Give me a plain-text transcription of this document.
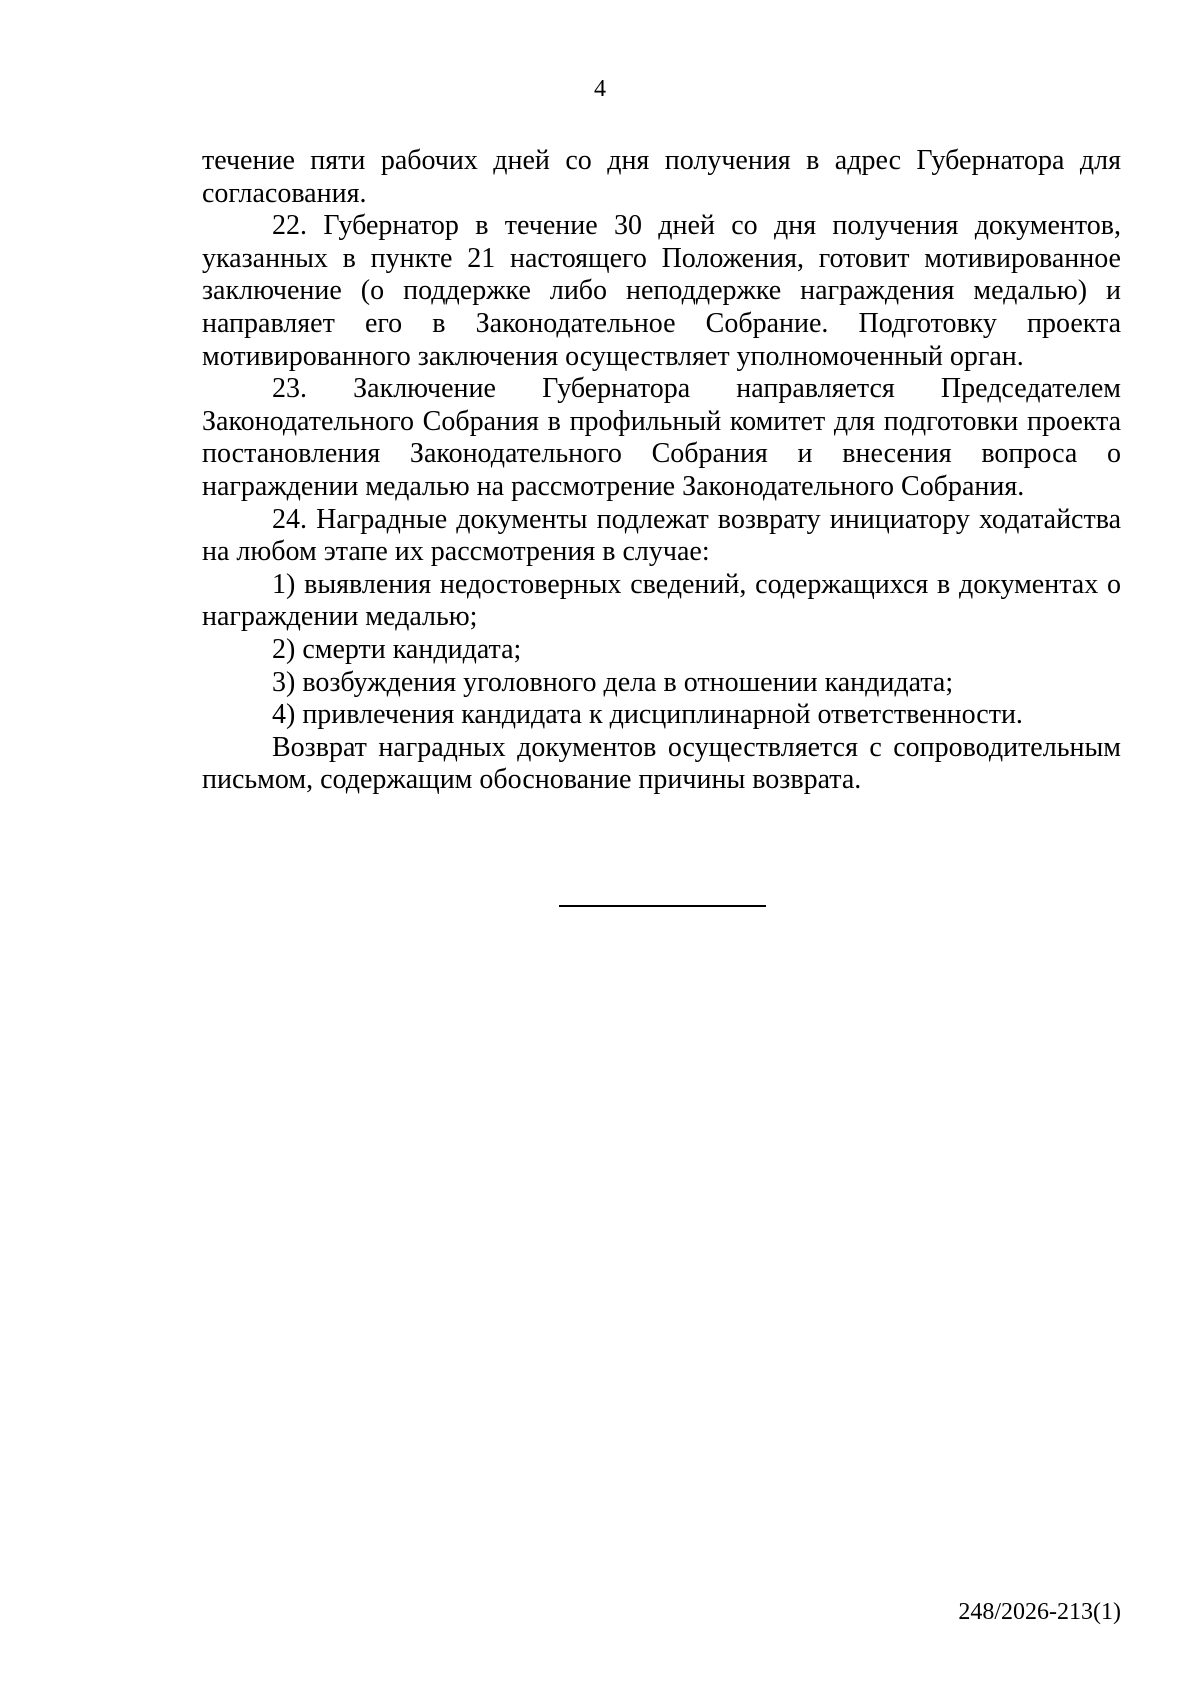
4

течение пяти рабочих дней со дня получения в адрес Губернатора для согласования.

22. Губернатор в течение 30 дней со дня получения документов, указанных в пункте 21 настоящего Положения, готовит мотивированное заключение (о поддержке либо неподдержке награждения медалью) и направляет его в Законодательное Собрание. Подготовку проекта мотивированного заключения осуществляет уполномоченный орган.

23. Заключение Губернатора направляется Председателем Законодательного Собрания в профильный комитет для подготовки проекта постановления Законодательного Собрания и внесения вопроса о награждении медалью на рассмотрение Законодательного Собрания.

24. Наградные документы подлежат возврату инициатору ходатайства на любом этапе их рассмотрения в случае:

1) выявления недостоверных сведений, содержащихся в документах о награждении медалью;

2) смерти кандидата;

3) возбуждения уголовного дела в отношении кандидата;

4) привлечения кандидата к дисциплинарной ответственности.

Возврат наградных документов осуществляется с сопроводительным письмом, содержащим обоснование причины возврата.

248/2026-213(1)
